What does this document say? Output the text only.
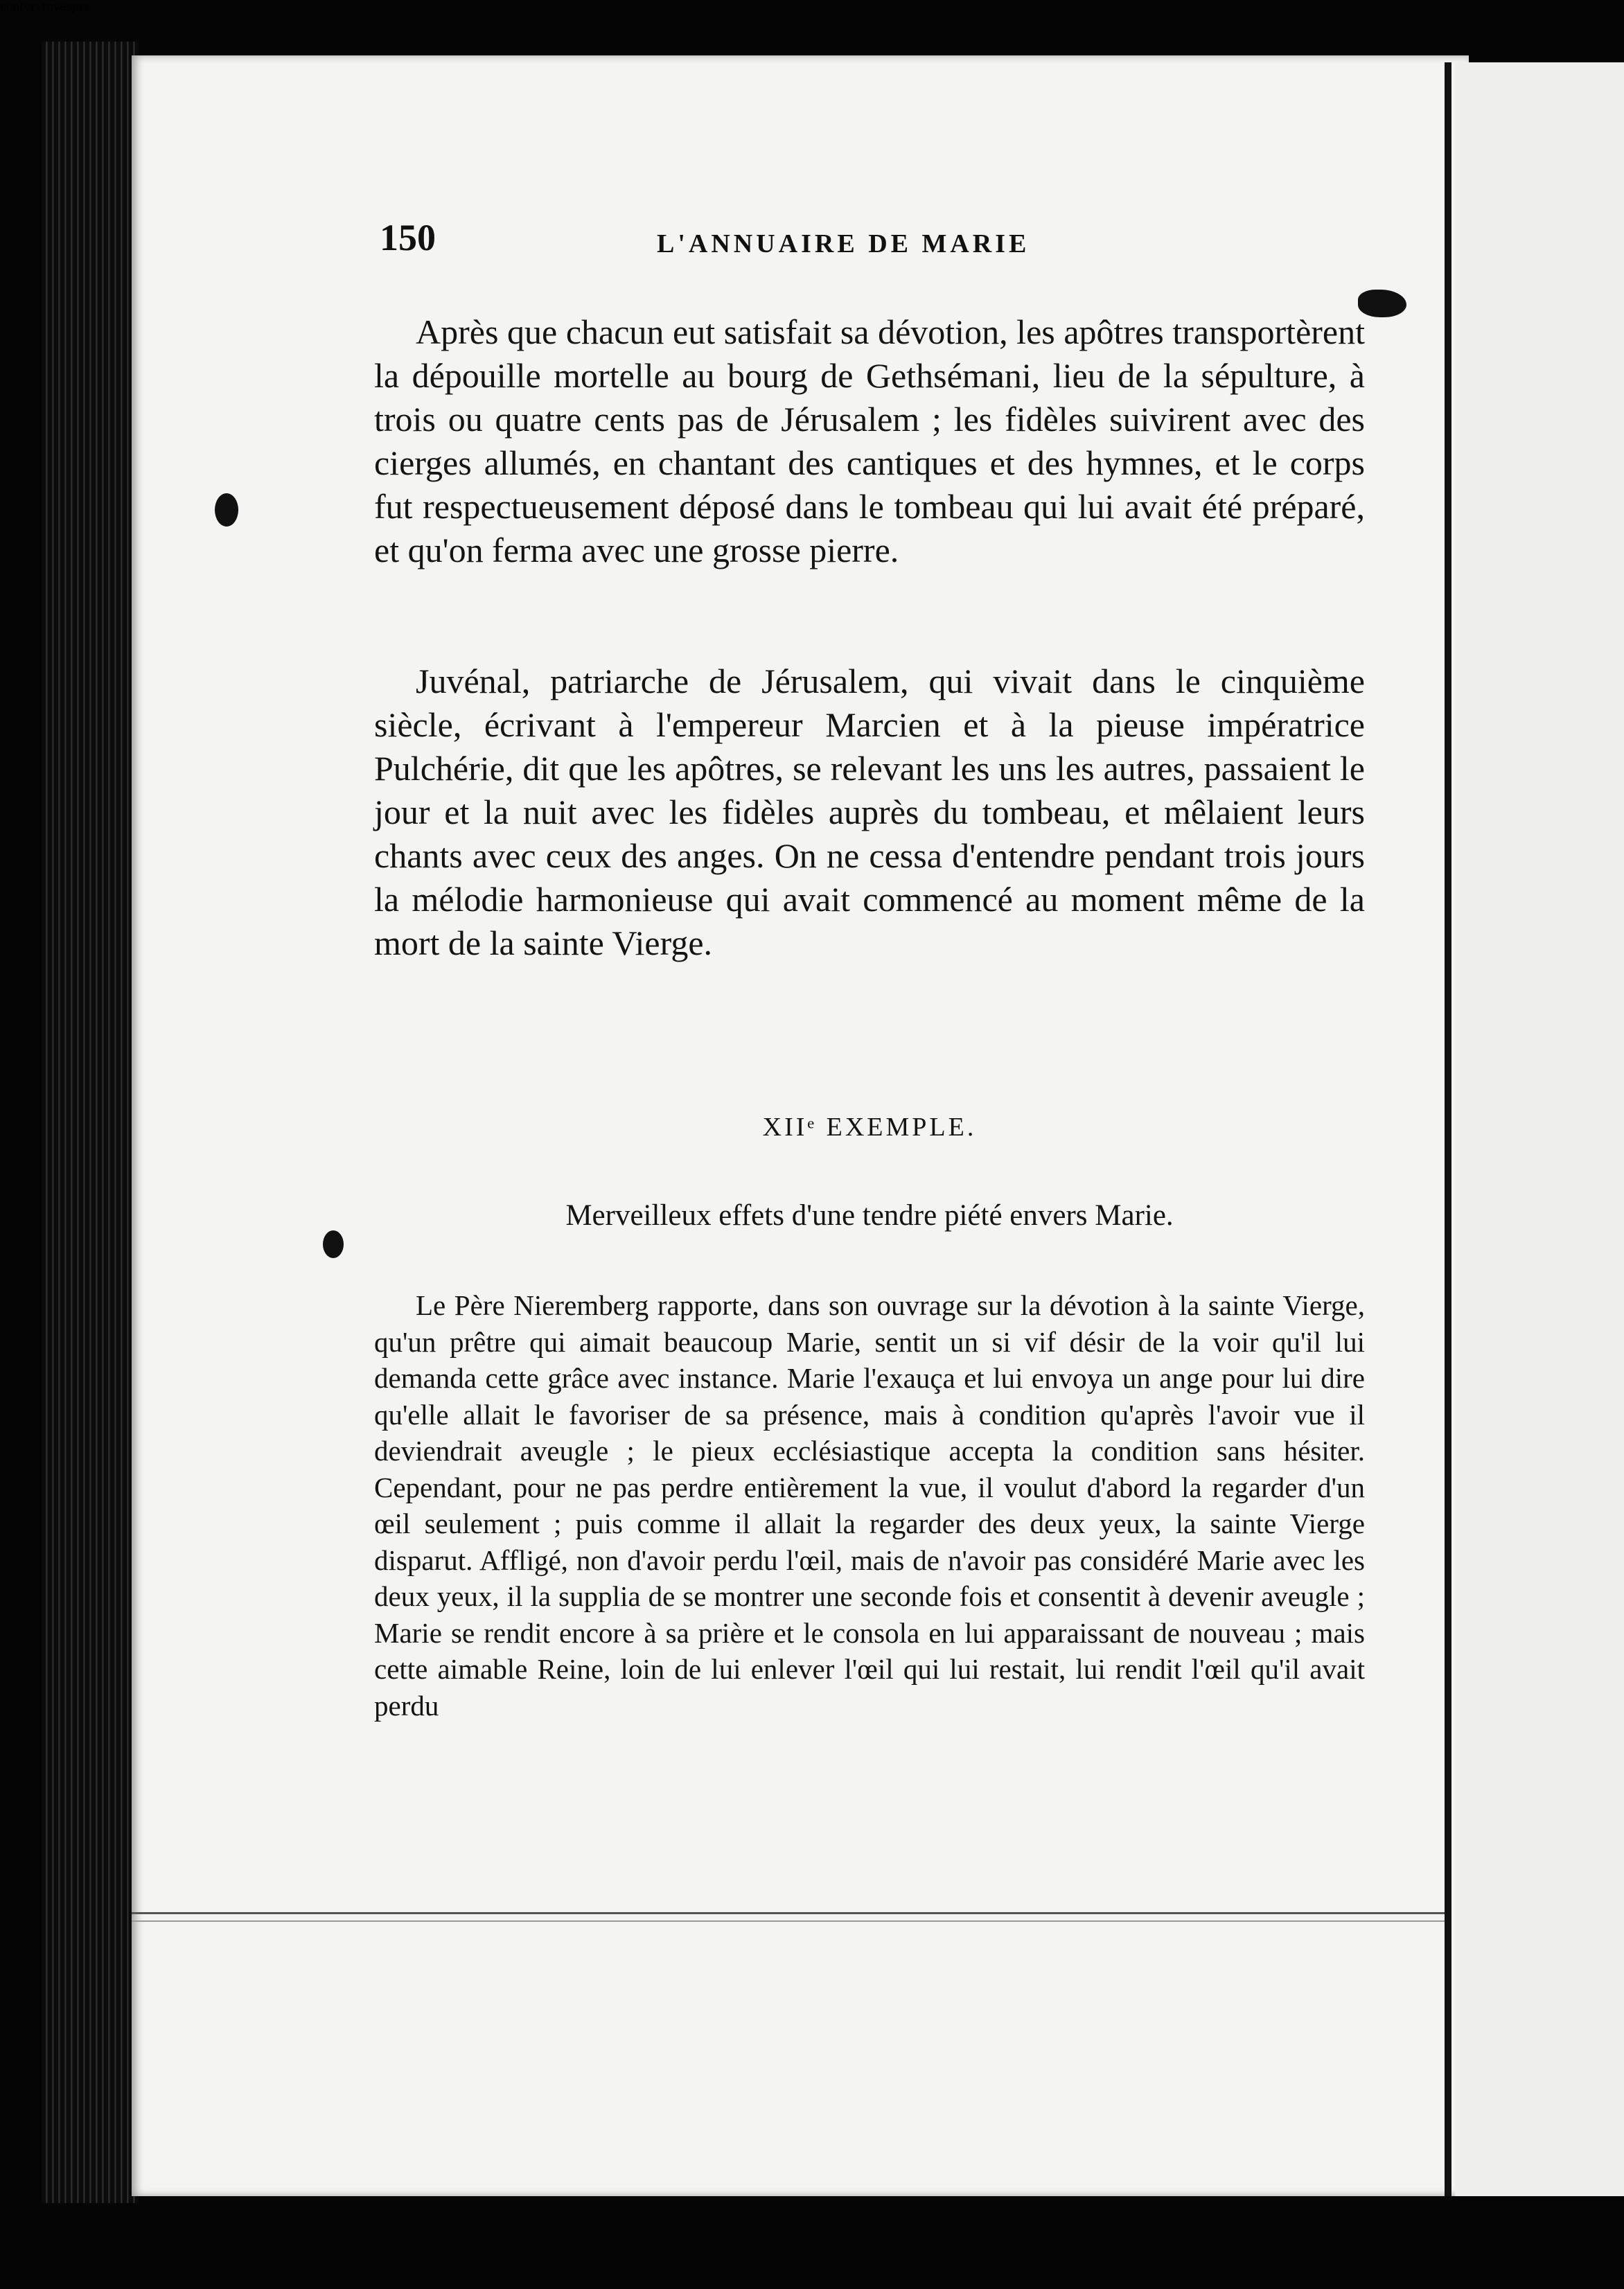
ccntvrvtnvesprs
150	L'ANNUAIRE DE MARIE
Après que chacun eut satisfait sa dévotion, les apôtres transportèrent la dépouille mortelle au bourg de Gethsémani, lieu de la sépulture, à trois ou quatre cents pas de Jérusalem ; les fidèles suivirent avec des cierges allumés, en chantant des cantiques et des hymnes, et le corps fut respectueusement déposé dans le tombeau qui lui avait été préparé, et qu'on ferma avec une grosse pierre.
Juvénal, patriarche de Jérusalem, qui vivait dans le cinquième siècle, écrivant à l'empereur Marcien et à la pieuse impératrice Pulchérie, dit que les apôtres, se relevant les uns les autres, passaient le jour et la nuit avec les fidèles auprès du tombeau, et mêlaient leurs chants avec ceux des anges. On ne cessa d'entendre pendant trois jours la mélodie harmonieuse qui avait commencé au moment même de la mort de la sainte Vierge.
XIIᵉ EXEMPLE.
Merveilleux effets d'une tendre piété envers Marie.
Le Père Nieremberg rapporte, dans son ouvrage sur la dévotion à la sainte Vierge, qu'un prêtre qui aimait beaucoup Marie, sentit un si vif désir de la voir qu'il lui demanda cette grâce avec instance. Marie l'exauça et lui envoya un ange pour lui dire qu'elle allait le favoriser de sa présence, mais à condition qu'après l'avoir vue il deviendrait aveugle ; le pieux ecclésiastique accepta la condition sans hésiter. Cependant, pour ne pas perdre entièrement la vue, il voulut d'abord la regarder d'un œil seulement ; puis comme il allait la regarder des deux yeux, la sainte Vierge disparut. Affligé, non d'avoir perdu l'œil, mais de n'avoir pas considéré Marie avec les deux yeux, il la supplia de se montrer une seconde fois et consentit à devenir aveugle ; Marie se rendit encore à sa prière et le consola en lui apparaissant de nouveau ; mais cette aimable Reine, loin de lui enlever l'œil qui lui restait, lui rendit l'œil qu'il avait perdu
